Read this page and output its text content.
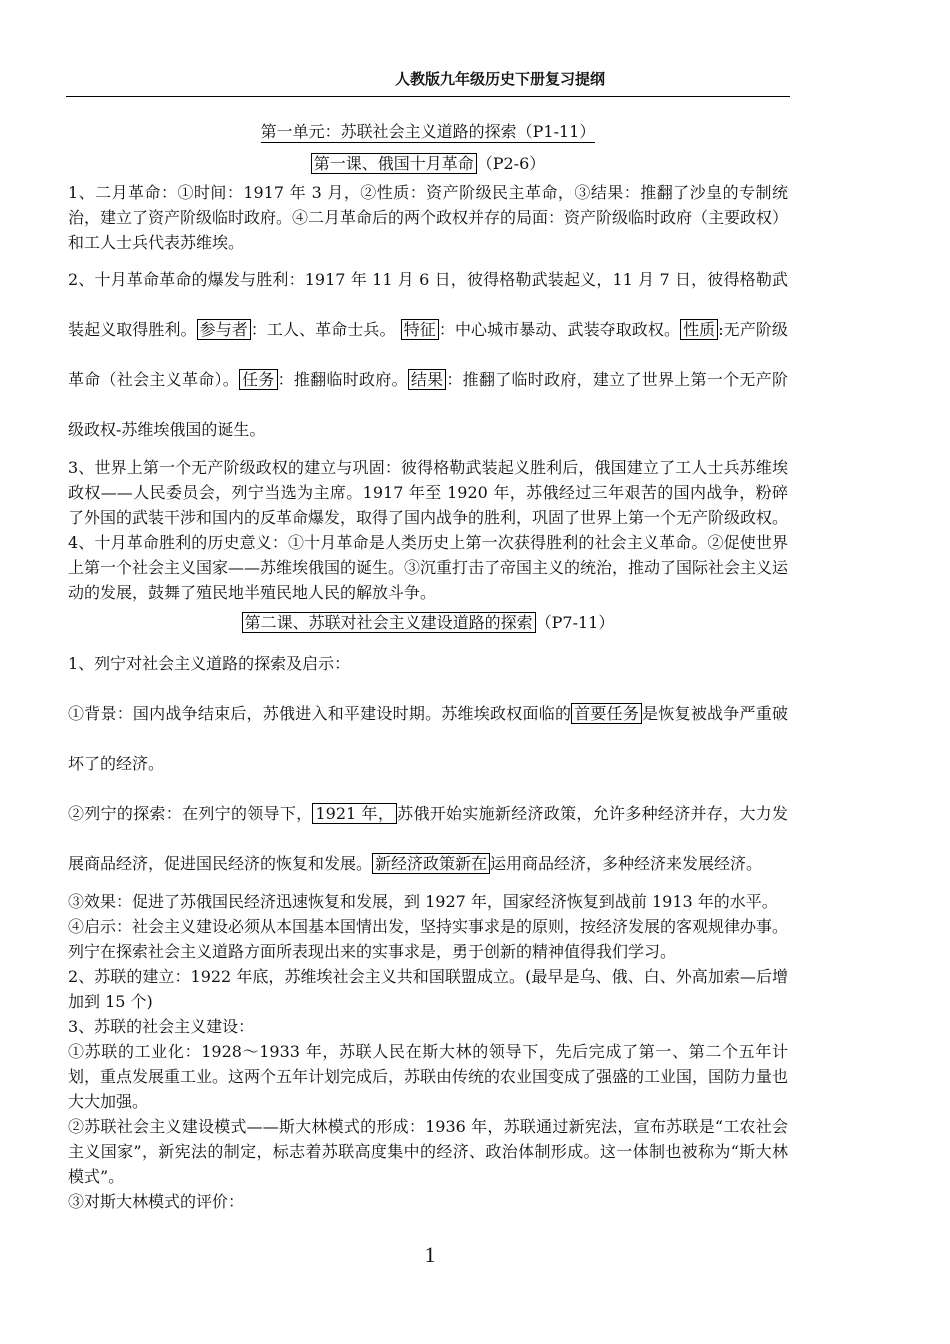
人教版九年级历史下册复习提纲
第一单元：苏联社会主义道路的探索（P1-11）
第一课、俄国十月革命 （P2-6）

1、二月革命：①时间：1917 年 3 月，②性质：资产阶级民主革命，③结果：推翻了沙皇的专制统治，建立了资产阶级临时政府。④二月革命后的两个政权并存的局面：资产阶级临时政府（主要政权）和工人士兵代表苏维埃。

2、十月革命革命的爆发与胜利：1917 年 11 月 6 日，彼得格勒武装起义，11 月 7 日，彼得格勒武装起义取得胜利。 参与者 ：工人、革命士兵。 特征 ：中心城市暴动、武装夺取政权。 性质 :无产阶级革命（社会主义革命）。 任务 ：推翻临时政府。 结果 ：推翻了临时政府，建立了世界上第一个无产阶级政权-苏维埃俄国的诞生。

3、世界上第一个无产阶级政权的建立与巩固：彼得格勒武装起义胜利后，俄国建立了工人士兵苏维埃政权——人民委员会，列宁当选为主席。1917 年至 1920 年，苏俄经过三年艰苦的国内战争，粉碎了外国的武装干涉和国内的反革命爆发，取得了国内战争的胜利，巩固了世界上第一个无产阶级政权。

4、十月革命胜利的历史意义：①十月革命是人类历史上第一次获得胜利的社会主义革命。②促使世界上第一个社会主义国家——苏维埃俄国的诞生。③沉重打击了帝国主义的统治，推动了国际社会主义运动的发展，鼓舞了殖民地半殖民地人民的解放斗争。

第二课、苏联对社会主义建设道路的探索 （P7-11）

1、列宁对社会主义道路的探索及启示：

①背景：国内战争结束后，苏俄进入和平建设时期。苏维埃政权面临的 首要任务 是恢复被战争严重破坏了的经济。

②列宁的探索：在列宁的领导下， 1921 年， 苏俄开始实施新经济政策，允许多种经济并存，大力发展商品经济，促进国民经济的恢复和发展。 新经济政策新在 运用商品经济，多种经济来发展经济。

③效果：促进了苏俄国民经济迅速恢复和发展，到 1927 年，国家经济恢复到战前 1913 年的水平。

④启示：社会主义建设必须从本国基本国情出发，坚持实事求是的原则，按经济发展的客观规律办事。列宁在探索社会主义道路方面所表现出来的实事求是，勇于创新的精神值得我们学习。

2、苏联的建立：1922 年底，苏维埃社会主义共和国联盟成立。(最早是乌、俄、白、外高加索—后增加到 15 个)

3、苏联的社会主义建设：

①苏联的工业化：1928～1933 年，苏联人民在斯大林的领导下，先后完成了第一、第二个五年计划，重点发展重工业。这两个五年计划完成后，苏联由传统的农业国变成了强盛的工业国，国防力量也大大加强。

②苏联社会主义建设模式——斯大林模式的形成：1936 年，苏联通过新宪法，宣布苏联是“工农社会主义国家”，新宪法的制定，标志着苏联高度集中的经济、政治体制形成。这一体制也被称为“斯大林模式”。

③对斯大林模式的评价：

1
